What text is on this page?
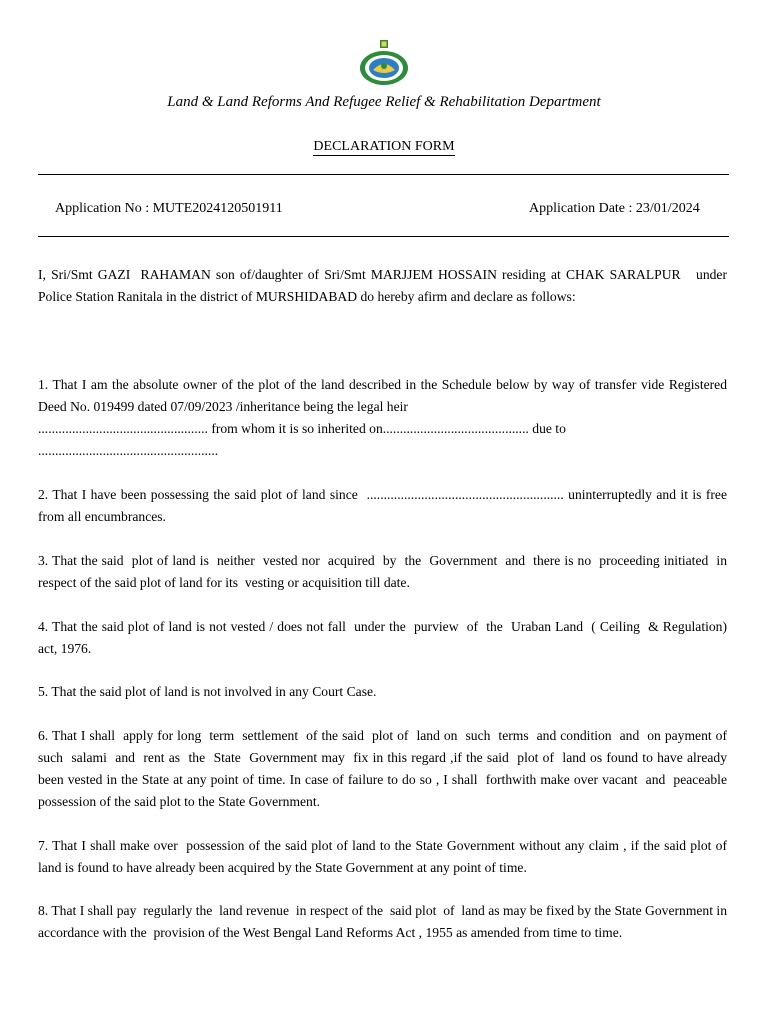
Land & Land Reforms And Refugee Relief & Rehabilitation Department
DECLARATION FORM
Application No : MUTE2024120501911	Application Date : 23/01/2024
I, Sri/Smt GAZI  RAHAMAN son of/daughter of Sri/Smt MARJJEM HOSSAIN residing at CHAK SARALPUR   under Police Station Ranitala in the district of MURSHIDABAD do hereby afirm and declare as follows:
1. That I am the absolute owner of the plot of the land described in the Schedule below by way of transfer vide Registered  Deed No. 019499 dated 07/09/2023 /inheritance being the legal heir
.................................................. from whom it is so inherited on........................................... due to
.....................................................
2. That I have been possessing the said plot of land since  .......................................................... uninterruptedly and it is free from all encumbrances.
3. That the said  plot of land is  neither  vested nor  acquired  by  the  Government  and  there is no  proceeding initiated  in  respect of the said plot of land for its  vesting or acquisition till date.
4. That the said plot of land is not vested / does not fall  under the  purview  of  the  Uraban Land  ( Ceiling  & Regulation)  act, 1976.
5. That the said plot of land is not involved in any Court Case.
6. That I shall  apply for long  term  settlement  of the said  plot of  land on  such  terms  and condition  and  on payment of such  salami  and  rent as  the  State  Government may  fix in this regard ,if the said  plot of  land os found to have already been vested in the State at any point of time. In case of failure to do so , I shall  forthwith make over vacant  and  peaceable possession of the said plot to the State Government.
7. That I shall make over  possession of the said plot of land to the State Government without any claim , if the said plot of land is found to have already been acquired by the State Government at any point of time.
8. That I shall pay  regularly the  land revenue  in respect of the  said plot  of  land as may be fixed by the State Government in  accordance with the  provision of the West Bengal Land Reforms Act , 1955 as amended from time to time.
